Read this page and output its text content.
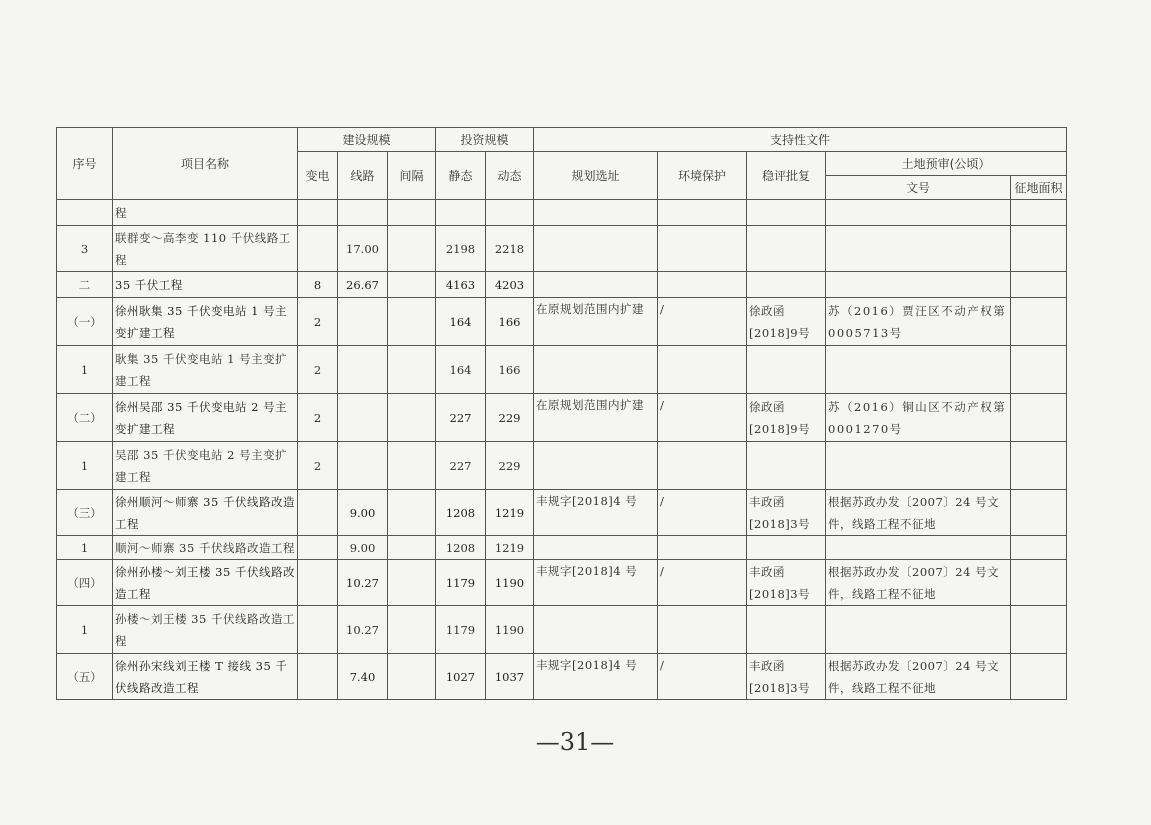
序号	项目名称	建设规模			投资规模		支持性文件				
		变电	线路	间隔	静态	动态	规划选址	环境保护	稳评批复	土地预审(公顷）	
										文号	征地面积
	程										
3	联群变～高李变 110 千伏线路工程		17.00		2198	2218					
二	35 千伏工程	8	26.67		4163	4203					
（一）	徐州耿集 35 千伏变电站 1 号主变扩建工程	2			164	166	在原规划范围内扩建	/	徐政函[2018]9号	苏（2016）贾汪区不动产权第0005713号	
1	耿集 35 千伏变电站 1 号主变扩建工程	2			164	166					
（二）	徐州吴邵 35 千伏变电站 2 号主变扩建工程	2			227	229	在原规划范围内扩建	/	徐政函[2018]9号	苏（2016）铜山区不动产权第0001270号	
1	吴邵 35 千伏变电站 2 号主变扩建工程	2			227	229					
（三）	徐州顺河～师寨 35 千伏线路改造工程		9.00		1208	1219	丰规字[2018]4 号	/	丰政函[2018]3号	根据苏政办发〔2007〕24 号文件，线路工程不征地	
1	顺河～师寨 35 千伏线路改造工程		9.00		1208	1219					
（四）	徐州孙楼～刘王楼 35 千伏线路改造工程		10.27		1179	1190	丰规字[2018]4 号	/	丰政函[2018]3号	根据苏政办发〔2007〕24 号文件，线路工程不征地	
1	孙楼～刘王楼 35 千伏线路改造工程		10.27		1179	1190					
（五）	徐州孙宋线刘王楼 T 接线 35 千伏线路改造工程		7.40		1027	1037	丰规字[2018]4 号	/	丰政函[2018]3号	根据苏政办发〔2007〕24 号文件，线路工程不征地	
—31—
